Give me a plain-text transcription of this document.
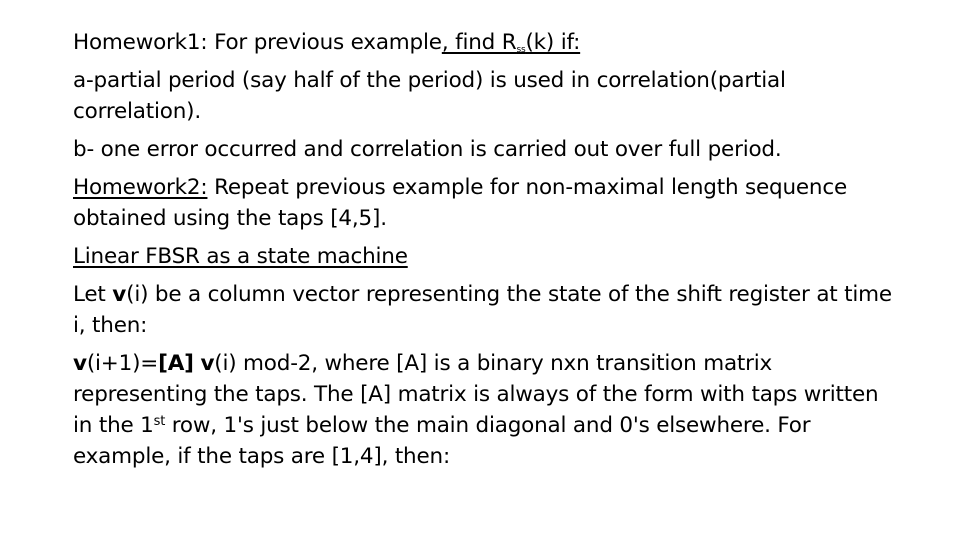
Homework1: For previous example, find $R_{ss}(k)$ if:

a-partial period (say half of the period) is used in correlation(partial correlation).

b- one error occurred and correlation is carried out over full period.

Homework2: Repeat previous example for non-maximal length sequence obtained using the taps [4,5].

Linear FBSR as a state machine

Let v(i) be a column vector representing the state of the shift register at time i, then:

v(i+1)=[A] v(i) mod-2, where [A] is a binary nxn transition matrix representing the taps. The [A] matrix is always of the form with taps written in the 1st row, 1's just below the main diagonal and 0's elsewhere. For example, if the taps are [1,4], then:
